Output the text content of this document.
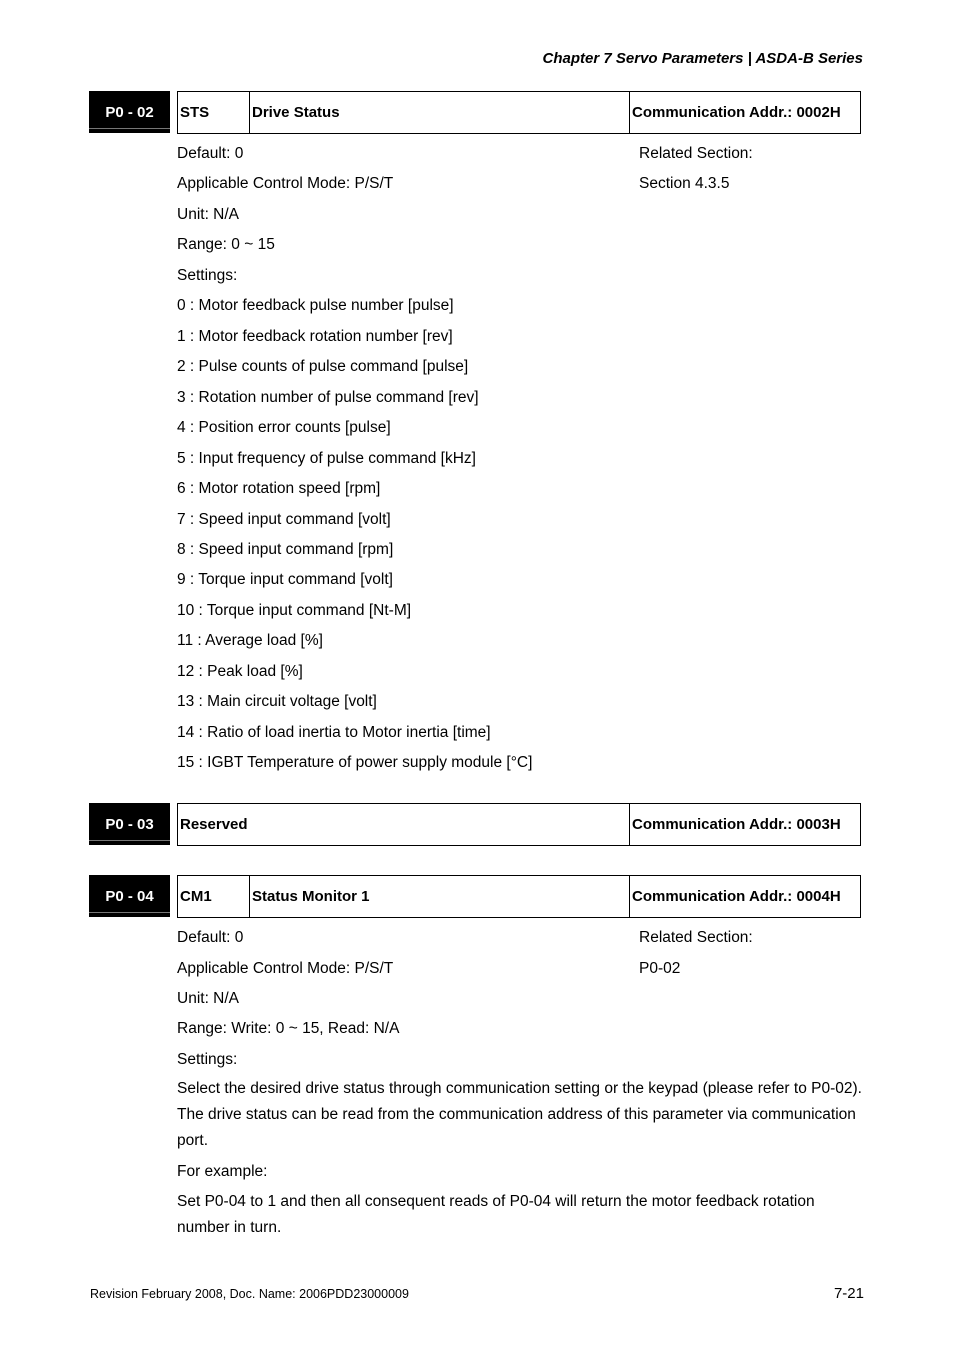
Chapter 7 Servo Parameters | ASDA-B Series
P0 - 02	STS	Drive Status	Communication Addr.: 0002H
Default: 0	Related Section:
Applicable Control Mode: P/S/T	Section 4.3.5
Unit: N/A
Range: 0 ~ 15
Settings:
0 : Motor feedback pulse number [pulse]
1 : Motor feedback rotation number [rev]
2 : Pulse counts of pulse command [pulse]
3 : Rotation number of pulse command [rev]
4 : Position error counts [pulse]
5 : Input frequency of pulse command [kHz]
6 : Motor rotation speed [rpm]
7 : Speed input command [volt]
8 : Speed input command [rpm]
9 : Torque input command [volt]
10 : Torque input command [Nt-M]
11 : Average load [%]
12 : Peak load [%]
13 : Main circuit voltage [volt]
14 : Ratio of load inertia to Motor inertia [time]
15 : IGBT Temperature of power supply module [°C]
P0 - 03	Reserved	Communication Addr.: 0003H
P0 - 04	CM1	Status Monitor 1	Communication Addr.: 0004H
Default: 0	Related Section:
Applicable Control Mode: P/S/T	P0-02
Unit: N/A
Range: Write: 0 ~ 15, Read: N/A
Settings:
Select the desired drive status through communication setting or the keypad (please refer to P0-02). The drive status can be read from the communication address of this parameter via communication port.
For example:
Set P0-04 to 1 and then all consequent reads of P0-04 will return the motor feedback rotation number in turn.
Revision February 2008, Doc. Name: 2006PDD23000009	7-21
